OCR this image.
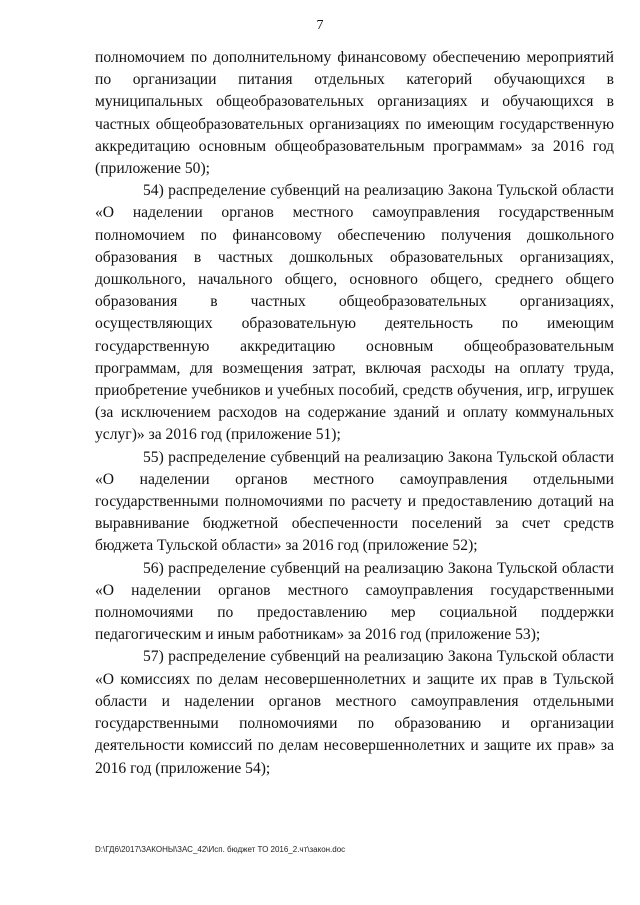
7

полномочием по дополнительному финансовому обеспечению мероприятий по организации питания отдельных категорий обучающихся в муниципальных общеобразовательных организациях и обучающихся в частных общеобразовательных организациях по имеющим государственную аккредитацию основным общеобразовательным программам» за 2016 год (приложение 50);

54) распределение субвенций на реализацию Закона Тульской области «О наделении органов местного самоуправления государственным полномочием по финансовому обеспечению получения дошкольного образования в частных дошкольных образовательных организациях, дошкольного, начального общего, основного общего, среднего общего образования в частных общеобразовательных организациях, осуществляющих образовательную деятельность по имеющим государственную аккредитацию основным общеобразовательным программам, для возмещения затрат, включая расходы на оплату труда, приобретение учебников и учебных пособий, средств обучения, игр, игрушек (за исключением расходов на содержание зданий и оплату коммунальных услуг)» за 2016 год (приложение 51);

55) распределение субвенций на реализацию Закона Тульской области «О наделении органов местного самоуправления отдельными государственными полномочиями по расчету и предоставлению дотаций на выравнивание бюджетной обеспеченности поселений за счет средств бюджета Тульской области» за 2016 год (приложение 52);

56) распределение субвенций на реализацию Закона Тульской области «О наделении органов местного самоуправления государственными полномочиями по предоставлению мер социальной поддержки педагогическим и иным работникам» за 2016 год (приложение 53);

57) распределение субвенций на реализацию Закона Тульской области «О комиссиях по делам несовершеннолетних и защите их прав в Тульской области и наделении органов местного самоуправления отдельными государственными полномочиями по образованию и организации деятельности комиссий по делам несовершеннолетних и защите их прав» за 2016 год (приложение 54);

D:\ГД6\2017\ЗАКОНЫ\ЗАС_42\Исп. бюджет ТО 2016_2.чт\закон.doc
